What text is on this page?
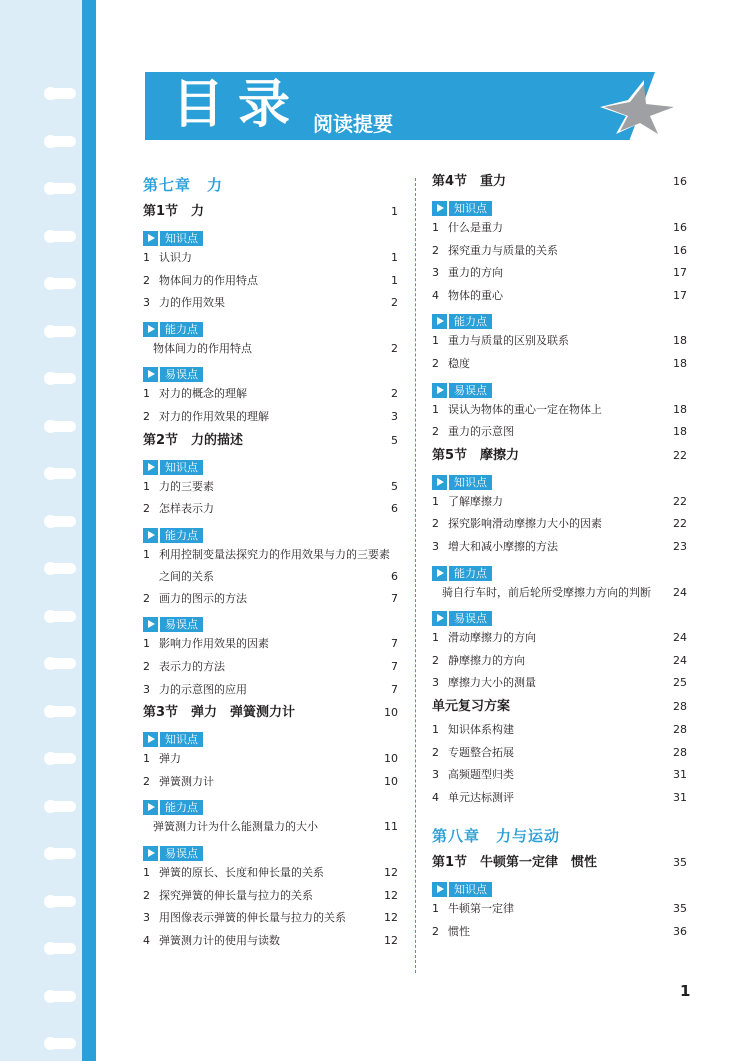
目录 阅读提要
第七章　力
第1节　力	1
知识点
1 认识力	1
2 物体间力的作用特点	1
3 力的作用效果	2
能力点
物体间力的作用特点	2
易误点
1 对力的概念的理解	2
2 对力的作用效果的理解	3
第2节　力的描述	5
知识点
1 力的三要素	5
2 怎样表示力	6
能力点
1 利用控制变量法探究力的作用效果与力的三要素之间的关系	6
2 画力的图示的方法	7
易误点
1 影响力作用效果的因素	7
2 表示力的方法	7
3 力的示意图的应用	7
第3节　弹力　弹簧测力计	10
知识点
1 弹力	10
2 弹簧测力计	10
能力点
弹簧测力计为什么能测量力的大小	11
易误点
1 弹簧的原长、长度和伸长量的关系	12
2 探究弹簧的伸长量与拉力的关系	12
3 用图像表示弹簧的伸长量与拉力的关系	12
4 弹簧测力计的使用与读数	12
第4节　重力	16
知识点
1 什么是重力	16
2 探究重力与质量的关系	16
3 重力的方向	17
4 物体的重心	17
能力点
1 重力与质量的区别及联系	18
2 稳度	18
易误点
1 误认为物体的重心一定在物体上	18
2 重力的示意图	18
第5节　摩擦力	22
知识点
1 了解摩擦力	22
2 探究影响滑动摩擦力大小的因素	22
3 增大和减小摩擦的方法	23
能力点
骑自行车时，前后轮所受摩擦力方向的判断 24
易误点
1 滑动摩擦力的方向	24
2 静摩擦力的方向	24
3 摩擦力大小的测量	25
单元复习方案	28
1 知识体系构建	28
2 专题整合拓展	28
3 高频题型归类	31
4 单元达标测评	31
第八章　力与运动
第1节　牛顿第一定律　惯性	35
知识点
1 牛顿第一定律	35
2 惯性	36
1
